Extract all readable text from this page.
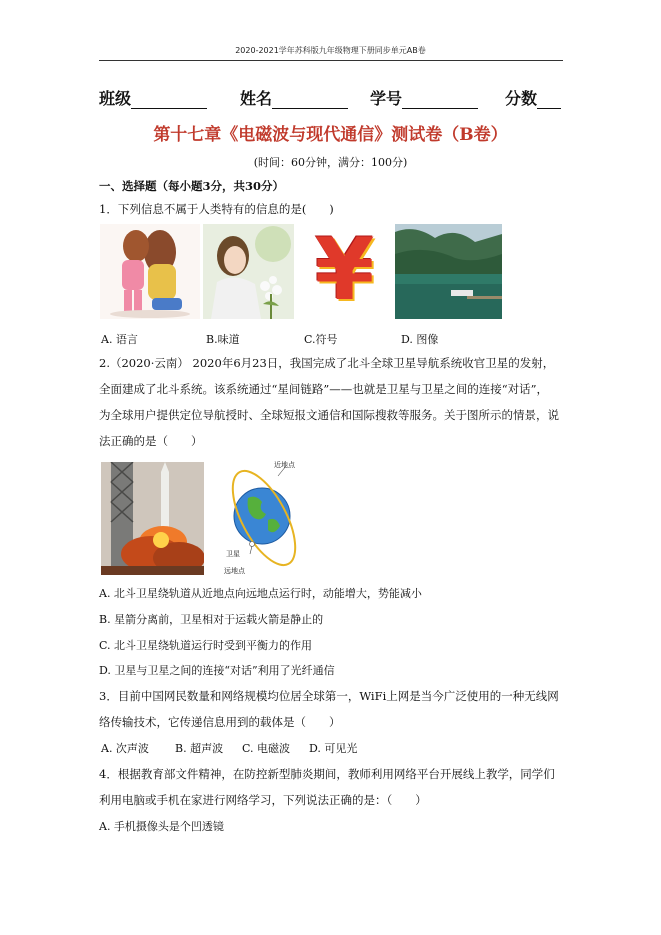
2020-2021学年苏科版九年级物理下册同步单元AB卷
班级	姓名	学号	分数
第十七章《电磁波与现代通信》测试卷（B卷）
(时间：60分钟，满分：100分)
一、选择题（每小题3分，共30分）
1．下列信息不属于人类特有的信息的是(　　)
¥
A. 语言	B.味道	C.符号	D. 图像
2.（2020·云南） 2020年6月23日，我国完成了北斗全球卫星导航系统收官卫星的发射，
全面建成了北斗系统。该系统通过“星间链路”——也就是卫星与卫星之间的连接“对话”，
为全球用户提供定位导航授时、全球短报文通信和国际搜救等服务。关于图所示的情景，说
法正确的是（　　）
近地点
远地点
卫星
A. 北斗卫星绕轨道从近地点向远地点运行时，动能增大，势能减小
B. 星箭分离前，卫星相对于运载火箭是静止的
C. 北斗卫星绕轨道运行时受到平衡力的作用
D. 卫星与卫星之间的连接“对话”利用了光纤通信
3．目前中国网民数量和网络规模均位居全球第一，WiFi上网是当今广泛使用的一种无线网
络传输技术，它传递信息用到的载体是（　　）
A. 次声波 B. 超声波 C. 电磁波 D. 可见光
4．根据教育部文件精神，在防控新型肺炎期间，教师利用网络平台开展线上教学，同学们
利用电脑或手机在家进行网络学习，下列说法正确的是：（　　）
A. 手机摄像头是个凹透镜
